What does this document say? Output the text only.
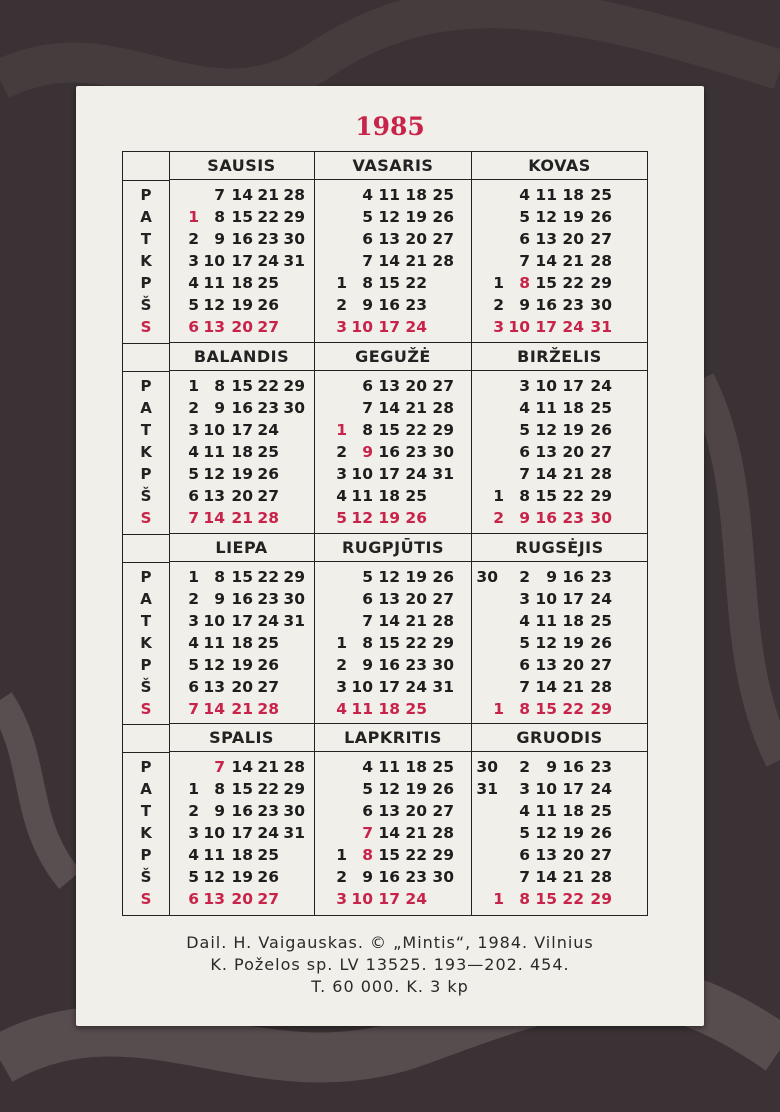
1985
P
A
T
K
P
Š
S
P
A
T
K
P
Š
S
P
A
T
K
P
Š
S
P
A
T
K
P
Š
S
SAUSIS
1
2
3
4
5
6
7
8
9
10
11
12
13
14
15
16
17
18
19
20
21
22
23
24
25
26
27
28
29
30
31
VASARIS
1
2
3
4
5
6
7
8
9
10
11
12
13
14
15
16
17
18
19
20
21
22
23
24
25
26
27
28
KOVAS
1
2
3
4
5
6
7
8
9
10
11
12
13
14
15
16
17
18
19
20
21
22
23
24
25
26
27
28
29
30
31
BALANDIS
1
2
3
4
5
6
7
8
9
10
11
12
13
14
15
16
17
18
19
20
21
22
23
24
25
26
27
28
29
30
GEGUŽĖ
1
2
3
4
5
6
7
8
9
10
11
12
13
14
15
16
17
18
19
20
21
22
23
24
25
26
27
28
29
30
31
BIRŽELIS
1
2
3
4
5
6
7
8
9
10
11
12
13
14
15
16
17
18
19
20
21
22
23
24
25
26
27
28
29
30
LIEPA
1
2
3
4
5
6
7
8
9
10
11
12
13
14
15
16
17
18
19
20
21
22
23
24
25
26
27
28
29
30
31
RUGPJŪTIS
1
2
3
4
5
6
7
8
9
10
11
12
13
14
15
16
17
18
19
20
21
22
23
24
25
26
27
28
29
30
31
RUGSĖJIS
1
2
3
4
5
6
7
8
9
10
11
12
13
14
15
16
17
18
19
20
21
22
23
24
25
26
27
28
29
30
SPALIS
1
2
3
4
5
6
7
8
9
10
11
12
13
14
15
16
17
18
19
20
21
22
23
24
25
26
27
28
29
30
31
LAPKRITIS
1
2
3
4
5
6
7
8
9
10
11
12
13
14
15
16
17
18
19
20
21
22
23
24
25
26
27
28
29
30
GRUODIS
1
2
3
4
5
6
7
8
9
10
11
12
13
14
15
16
17
18
19
20
21
22
23
24
25
26
27
28
29
30
31
Dail. H. Vaigauskas. © „Mintis“, 1984. Vilnius
K. Poželos sp. LV 13525. 193—202. 454.
T. 60 000. K. 3 kp
